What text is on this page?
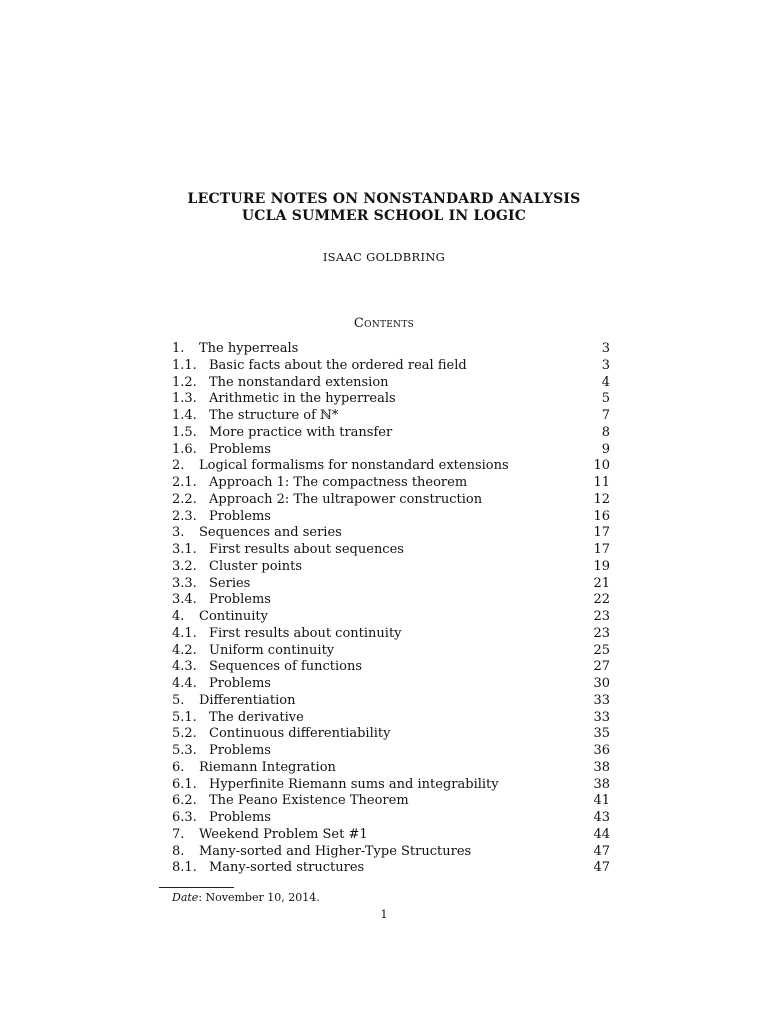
LECTURE NOTES ON NONSTANDARD ANALYSIS
UCLA SUMMER SCHOOL IN LOGIC
ISAAC GOLDBRING
Contents
1. The hyperreals	3
1.1. Basic facts about the ordered real field	3
1.2. The nonstandard extension	4
1.3. Arithmetic in the hyperreals	5
1.4. The structure of ℕ*	7
1.5. More practice with transfer	8
1.6. Problems	9
2. Logical formalisms for nonstandard extensions	10
2.1. Approach 1: The compactness theorem	11
2.2. Approach 2: The ultrapower construction	12
2.3. Problems	16
3. Sequences and series	17
3.1. First results about sequences	17
3.2. Cluster points	19
3.3. Series	21
3.4. Problems	22
4. Continuity	23
4.1. First results about continuity	23
4.2. Uniform continuity	25
4.3. Sequences of functions	27
4.4. Problems	30
5. Differentiation	33
5.1. The derivative	33
5.2. Continuous differentiability	35
5.3. Problems	36
6. Riemann Integration	38
6.1. Hyperfinite Riemann sums and integrability	38
6.2. The Peano Existence Theorem	41
6.3. Problems	43
7. Weekend Problem Set #1	44
8. Many-sorted and Higher-Type Structures	47
8.1. Many-sorted structures	47
Date: November 10, 2014.
1
